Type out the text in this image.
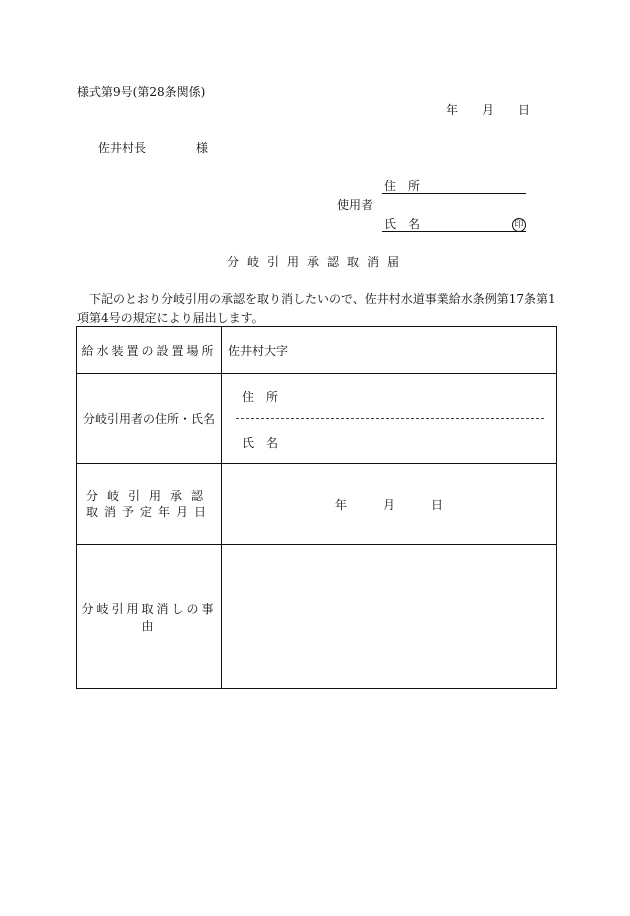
様式第9号(第28条関係)
年　　月　　日
佐井村長	様
住　所
使用者
氏　名	印
分岐引用承認取消届
下記のとおり分岐引用の承認を取り消したいので、佐井村水道事業給水条例第17条第1
項第4号の規定により届出します。
給水装置の設置場所	佐井村大字
分岐引用者の住所・氏名	住　所
氏　名

分岐引用承認
取消予定年月日	年　　　月　　　日
分岐引用取消しの事由	
